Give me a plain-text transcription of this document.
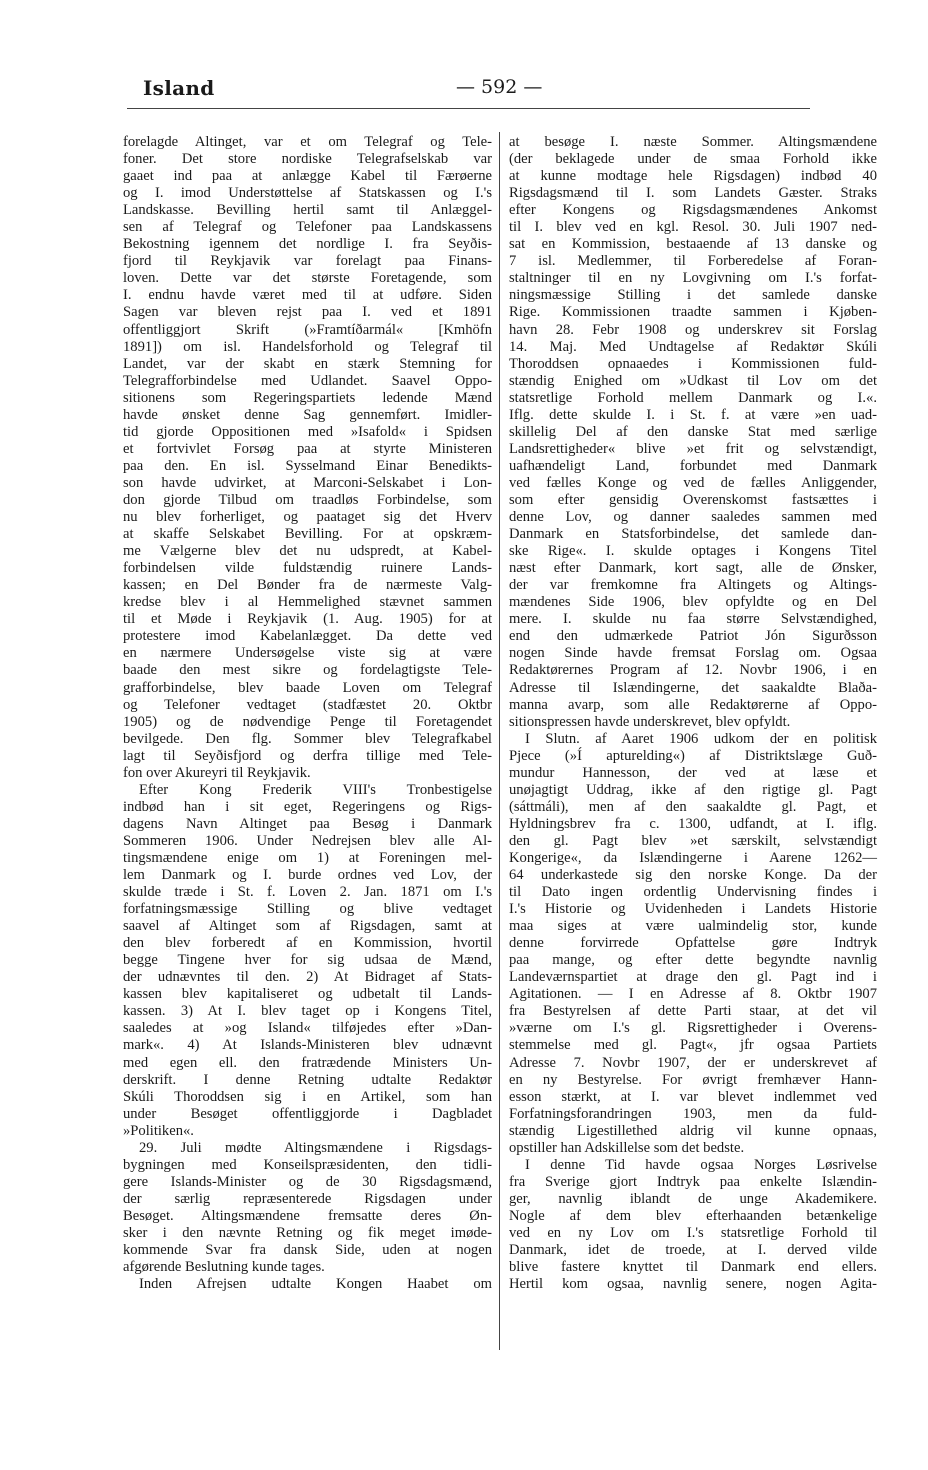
Island	— 592 —
forelagde Altinget, var et om Telegraf og Tele-
foner. Det store nordiske Telegrafselskab var
gaaet ind paa at anlægge Kabel til Færøerne
og I. imod Understøttelse af Statskassen og I.'s
Landskasse. Bevilling hertil samt til Anlæggel-
sen af Telegraf og Telefoner paa Landskassens
Bekostning igennem det nordlige I. fra Seyðis-
fjord til Reykjavik var forelagt paa Finans-
loven. Dette var det største Foretagende, som
I. endnu havde været med til at udføre. Siden
Sagen var bleven rejst paa I. ved et 1891
offentliggjort Skrift (»Framtíðarmál« [Kmhöfn
1891]) om isl. Handelsforhold og Telegraf til
Landet, var der skabt en stærk Stemning for
Telegrafforbindelse med Udlandet. Saavel Oppo-
sitionens som Regeringspartiets ledende Mænd
havde ønsket denne Sag gennemført. Imidler-
tid gjorde Oppositionen med »Isafold« i Spidsen
et fortvivlet Forsøg paa at styrte Ministeren
paa den. En isl. Sysselmand Einar Benedikts-
son havde udvirket, at Marconi-Selskabet i Lon-
don gjorde Tilbud om traadløs Forbindelse, som
nu blev forherliget, og paataget sig det Hverv
at skaffe Selskabet Bevilling. For at opskræm-
me Vælgerne blev det nu udspredt, at Kabel-
forbindelsen vilde fuldstændig ruinere Lands-
kassen; en Del Bønder fra de nærmeste Valg-
kredse blev i al Hemmelighed stævnet sammen
til et Møde i Reykjavik (1. Aug. 1905) for at
protestere imod Kabelanlægget. Da dette ved
en nærmere Undersøgelse viste sig at være
baade den mest sikre og fordelagtigste Tele-
grafforbindelse, blev baade Loven om Telegraf
og Telefoner vedtaget (stadfæstet 20. Oktbr
1905) og de nødvendige Penge til Foretagendet
bevilgede. Den flg. Sommer blev Telegrafkabel
lagt til Seyðisfjord og derfra tillige med Tele-
fon over Akureyri til Reykjavik.
Efter Kong Frederik VIII's Tronbestigelse
indbød han i sit eget, Regeringens og Rigs-
dagens Navn Altinget paa Besøg i Danmark
Sommeren 1906. Under Nedrejsen blev alle Al-
tingsmændene enige om 1) at Foreningen mel-
lem Danmark og I. burde ordnes ved Lov, der
skulde træde i St. f. Loven 2. Jan. 1871 om I.'s
forfatningsmæssige Stilling og blive vedtaget
saavel af Altinget som af Rigsdagen, samt at
den blev forberedt af en Kommission, hvortil
begge Tingene hver for sig udsaa de Mænd,
der udnævntes til den. 2) At Bidraget af Stats-
kassen blev kapitaliseret og udbetalt til Lands-
kassen. 3) At I. blev taget op i Kongens Titel,
saaledes at »og Island« tilføjedes efter »Dan-
mark«. 4) At Islands-Ministeren blev udnævnt
med egen ell. den fratrædende Ministers Un-
derskrift. I denne Retning udtalte Redaktør
Skúli Thoroddsen sig i en Artikel, som han
under Besøget offentliggjorde i Dagbladet
»Politiken«.
29. Juli mødte Altingsmændene i Rigsdags-
bygningen med Konseilspræsidenten, den tidli-
gere Islands-Minister og de 30 Rigsdagsmænd,
der særlig repræsenterede Rigsdagen under
Besøget. Altingsmændene fremsatte deres Øn-
sker i den nævnte Retning og fik meget imøde-
kommende Svar fra dansk Side, uden at nogen
afgørende Beslutning kunde tages.
Inden Afrejsen udtalte Kongen Haabet om
at besøge I. næste Sommer. Altingsmændene
(der beklagede under de smaa Forhold ikke
at kunne modtage hele Rigsdagen) indbød 40
Rigsdagsmænd til I. som Landets Gæster. Straks
efter Kongens og Rigsdagsmændenes Ankomst
til I. blev ved en kgl. Resol. 30. Juli 1907 ned-
sat en Kommission, bestaaende af 13 danske og
7 isl. Medlemmer, til Forberedelse af Foran-
staltninger til en ny Lovgivning om I.'s forfat-
ningsmæssige Stilling i det samlede danske
Rige. Kommissionen traadte sammen i Kjøben-
havn 28. Febr 1908 og underskrev sit Forslag
14. Maj. Med Undtagelse af Redaktør Skúli
Thoroddsen opnaaedes i Kommissionen fuld-
stændig Enighed om »Udkast til Lov om det
statsretlige Forhold mellem Danmark og I.«.
Iflg. dette skulde I. i St. f. at være »en uad-
skillelig Del af den danske Stat med særlige
Landsrettigheder« blive »et frit og selvstændigt,
uafhændeligt Land, forbundet med Danmark
ved fælles Konge og ved de fælles Anliggender,
som efter gensidig Overenskomst fastsættes i
denne Lov, og danner saaledes sammen med
Danmark en Statsforbindelse, det samlede dan-
ske Rige«. I. skulde optages i Kongens Titel
næst efter Danmark, kort sagt, alle de Ønsker,
der var fremkomne fra Altingets og Altings-
mændenes Side 1906, blev opfyldte og en Del
mere. I. skulde nu faa større Selvstændighed,
end den udmærkede Patriot Jón Sigurðsson
nogen Sinde havde fremsat Forslag om. Ogsaa
Redaktørernes Program af 12. Novbr 1906, i en
Adresse til Islændingerne, det saakaldte Blaða-
manna avarp, som alle Redaktørerne af Oppo-
sitionspressen havde underskrevet, blev opfyldt.
I Slutn. af Aaret 1906 udkom der en politisk
Pjece (»Í apturelding«) af Distriktslæge Guð-
mundur Hannesson, der ved at læse et
unøjagtigt Uddrag, ikke af den rigtige gl. Pagt
(sáttmáli), men af den saakaldte gl. Pagt, et
Hyldningsbrev fra c. 1300, udfandt, at I. iflg.
den gl. Pagt blev »et særskilt, selvstændigt
Kongerige«, da Islændingerne i Aarene 1262—
64 underkastede sig den norske Konge. Da der
til Dato ingen ordentlig Undervisning findes i
I.'s Historie og Uvidenheden i Landets Historie
maa siges at være ualmindelig stor, kunde
denne forvirrede Opfattelse gøre Indtryk
paa mange, og efter dette begyndte navnlig
Landeværnspartiet at drage den gl. Pagt ind i
Agitationen. — I en Adresse af 8. Oktbr 1907
fra Bestyrelsen af dette Parti staar, at det vil
»værne om I.'s gl. Rigsrettigheder i Overens-
stemmelse med gl. Pagt«, jfr ogsaa Partiets
Adresse 7. Novbr 1907, der er underskrevet af
en ny Bestyrelse. For øvrigt fremhæver Hann-
esson stærkt, at I. var blevet indlemmet ved
Forfatningsforandringen 1903, men da fuld-
stændig Ligestillethed aldrig vil kunne opnaas,
opstiller han Adskillelse som det bedste.
I denne Tid havde ogsaa Norges Løsrivelse
fra Sverige gjort Indtryk paa enkelte Islændin-
ger, navnlig iblandt de unge Akademikere.
Nogle af dem blev efterhaanden betænkelige
ved en ny Lov om I.'s statsretlige Forhold til
Danmark, idet de troede, at I. derved vilde
blive fastere knyttet til Danmark end ellers.
Hertil kom ogsaa, navnlig senere, nogen Agita-
